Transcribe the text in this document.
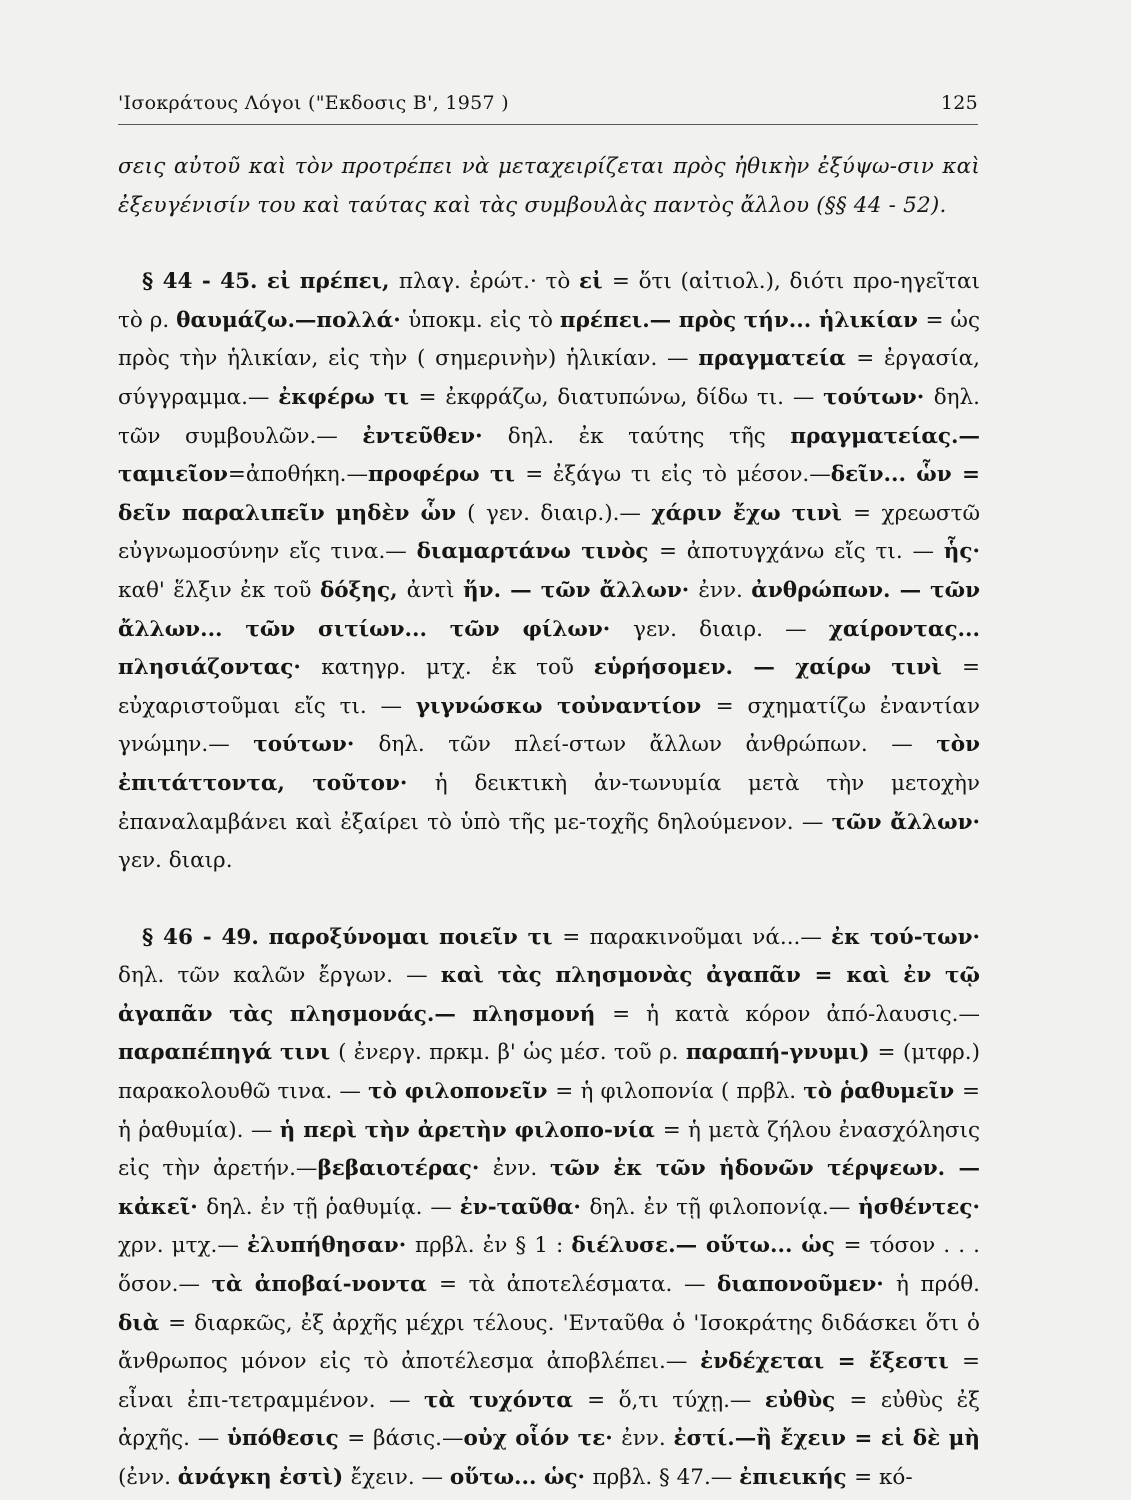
'Ισοκράτους Λόγοι ("Εκδοσις Β', 1957 )	125

σεις αὐτοῦ καὶ τὸν προτρέπει νὰ μεταχειρίζεται πρὸς ἠθικὴν ἐξύψω-σιν καὶ ἐξευγένισίν του καὶ ταύτας καὶ τὰς συμβουλὰς παντὸς ἄλλου (§§ 44 - 52).

§ 44 - 45. εἰ πρέπει, πλαγ. ἐρώτ.· τὸ εἰ = ὅτι (αἰτιολ.), διότι προ-ηγεῖται τὸ ρ. θαυμάζω.—πολλά· ὑποκμ. εἰς τὸ πρέπει.— πρὸς τήν... ἡλικίαν = ὡς πρὸς τὴν ἡλικίαν, εἰς τὴν ( σημερινὴν) ἡλικίαν. — πραγματεία = ἐργασία, σύγγραμμα.— ἐκφέρω τι = ἐκφράζω, διατυπώνω, δίδω τι. — τούτων· δηλ. τῶν συμβουλῶν.— ἐντεῦθεν· δηλ. ἐκ ταύτης τῆς πραγματείας.—ταμιεῖον=ἀποθήκη.—προφέρω τι = ἐξάγω τι εἰς τὸ μέσον.—δεῖν... ὧν = δεῖν παραλιπεῖν μηδὲν ὧν ( γεν. διαιρ.).— χάριν ἔχω τινὶ = χρεωστῶ εὐγνωμοσύνην εἴς τινα.— διαμαρτάνω τινὸς = ἀποτυγχάνω εἴς τι. — ἧς· καθ' ἕλξιν ἐκ τοῦ δόξης, ἀντὶ ἥν. — τῶν ἄλλων· ἐνν. ἀνθρώπων. — τῶν ἄλλων... τῶν σιτίων... τῶν φίλων· γεν. διαιρ. — χαίροντας... πλησιάζοντας· κατηγρ. μτχ. ἐκ τοῦ εὑρήσομεν. — χαίρω τινὶ = εὐχαριστοῦμαι εἴς τι. — γιγνώσκω τοὐναντίον = σχηματίζω ἐναντίαν γνώμην.— τούτων· δηλ. τῶν πλεί-στων ἄλλων ἀνθρώπων. — τὸν ἐπιτάττοντα, τοῦτον· ἡ δεικτικὴ ἀν-τωνυμία μετὰ τὴν μετοχὴν ἐπαναλαμβάνει καὶ ἐξαίρει τὸ ὑπὸ τῆς με-τοχῆς δηλούμενον. — τῶν ἄλλων· γεν. διαιρ.

§ 46 - 49. παροξύνομαι ποιεῖν τι = παρακινοῦμαι νά...— ἐκ τού-των· δηλ. τῶν καλῶν ἔργων. — καὶ τὰς πλησμονὰς ἀγαπᾶν = καὶ ἐν τῷ ἀγαπᾶν τὰς πλησμονάς.— πλησμονή = ἡ κατὰ κόρον ἀπό-λαυσις.—παραπέπηγά τινι ( ἐνεργ. πρκμ. β' ὡς μέσ. τοῦ ρ. παραπή-γνυμι) = (μτφρ.) παρακολουθῶ τινα. — τὸ φιλοπονεῖν = ἡ φιλοπονία ( πρβλ. τὸ ῥαθυμεῖν = ἡ ῥαθυμία). — ἡ περὶ τὴν ἀρετὴν φιλοπο-νία = ἡ μετὰ ζήλου ἐνασχόλησις εἰς τὴν ἀρετήν.—βεβαιοτέρας· ἐνν. τῶν ἐκ τῶν ἡδονῶν τέρψεων. — κἀκεῖ· δηλ. ἐν τῇ ῥαθυμίᾳ. — ἐν-ταῦθα· δηλ. ἐν τῇ φιλοπονίᾳ.— ἡσθέντες· χρν. μτχ.— ἐλυπήθησαν· πρβλ. ἐν § 1 : διέλυσε.— οὕτω... ὡς = τόσον . . . ὅσον.— τὰ ἀποβαί-νοντα = τὰ ἀποτελέσματα. — διαπονοῦμεν· ἡ πρόθ. διὰ = διαρκῶς, ἐξ ἀρχῆς μέχρι τέλους. 'Ενταῦθα ὁ 'Ισοκράτης διδάσκει ὅτι ὁ ἄνθρωπος μόνον εἰς τὸ ἀποτέλεσμα ἀποβλέπει.— ἐνδέχεται = ἔξεστι = εἶναι ἐπι-τετραμμένον. — τὰ τυχόντα = ὅ,τι τύχῃ.— εὐθὺς = εὐθὺς ἐξ ἀρχῆς. — ὑπόθεσις = βάσις.—οὐχ οἷόν τε· ἐνν. ἐστί.—ἢ ἔχειν = εἰ δὲ μὴ (ἐνν. ἀνάγκη ἐστὶ) ἔχειν. — οὕτω... ὡς· πρβλ. § 47.— ἐπιεικής = κό-
